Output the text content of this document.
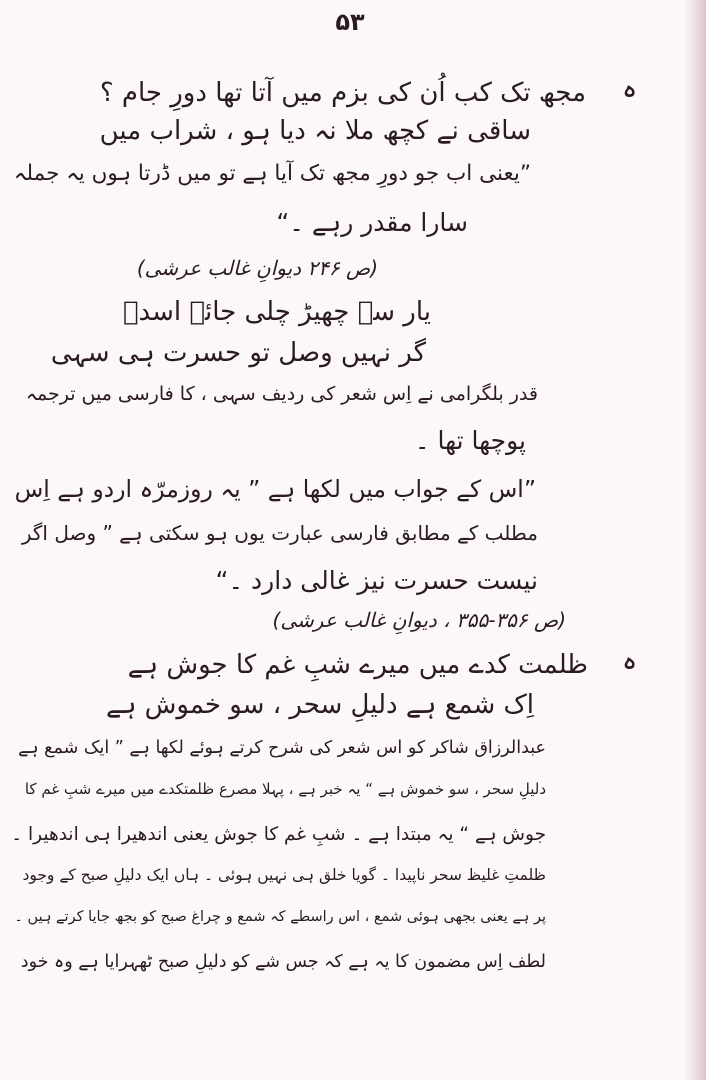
۵۳
ہ
مجھ تک کب اُن کی بزم میں آتا تھا دورِ جام ؟
ساقی نے کچھ ملا نہ دیا ہو ، شراب میں
”یعنی اب جو دورِ مجھ تک آیا ہے تو میں ڈرتا ہوں یہ جملہ
سارا مقدر رہے ۔“
(ص ۲۴۶ دیوانِ غالب عرشی)
یار سے چھیڑ چلی جائے اسدؔ
گر نہیں وصل تو حسرت ہی سہی
قدر بلگرامی نے اِس شعر کی ردیف سہی ، کا فارسی میں ترجمہ
پوچھا تھا ۔
”اس کے جواب میں لکھا ہے ” یہ روزمرّہ اردو ہے اِس
مطلب کے مطابق فارسی عبارت یوں ہو سکتی ہے ” وصل اگر
نیست حسرت نیز غالی دارد ۔“
(ص ۳۵۶-۳۵۵ ، دیوانِ غالب عرشی)
ہ
ظلمت کدے میں میرے شبِ غم کا جوش ہے
اِک شمع ہے دلیلِ سحر ، سو خموش ہے
عبدالرزاق شاکر کو اس شعر کی شرح کرتے ہوئے لکھا ہے ” ایک شمع ہے
دلیلِ سحر ، سو خموش ہے “ یہ خبر ہے ، پہلا مصرع ظلمتکدے میں میرے شبِ غم کا
جوش ہے “ یہ مبتدا ہے ۔ شبِ غم کا جوش یعنی اندھیرا ہی اندھیرا ۔
ظلمتِ غلیظ سحر ناپیدا ۔ گویا خلق ہی نہیں ہوئی ۔ ہاں ایک دلیلِ صبح کے وجود
پر ہے یعنی بجھی ہوئی شمع ، اس راسطے کہ شمع و چراغ صبح کو بجھ جایا کرتے ہیں ۔
لطف اِس مضمون کا یہ ہے کہ جس شے کو دلیلِ صبح ٹھہرایا ہے وہ خود
